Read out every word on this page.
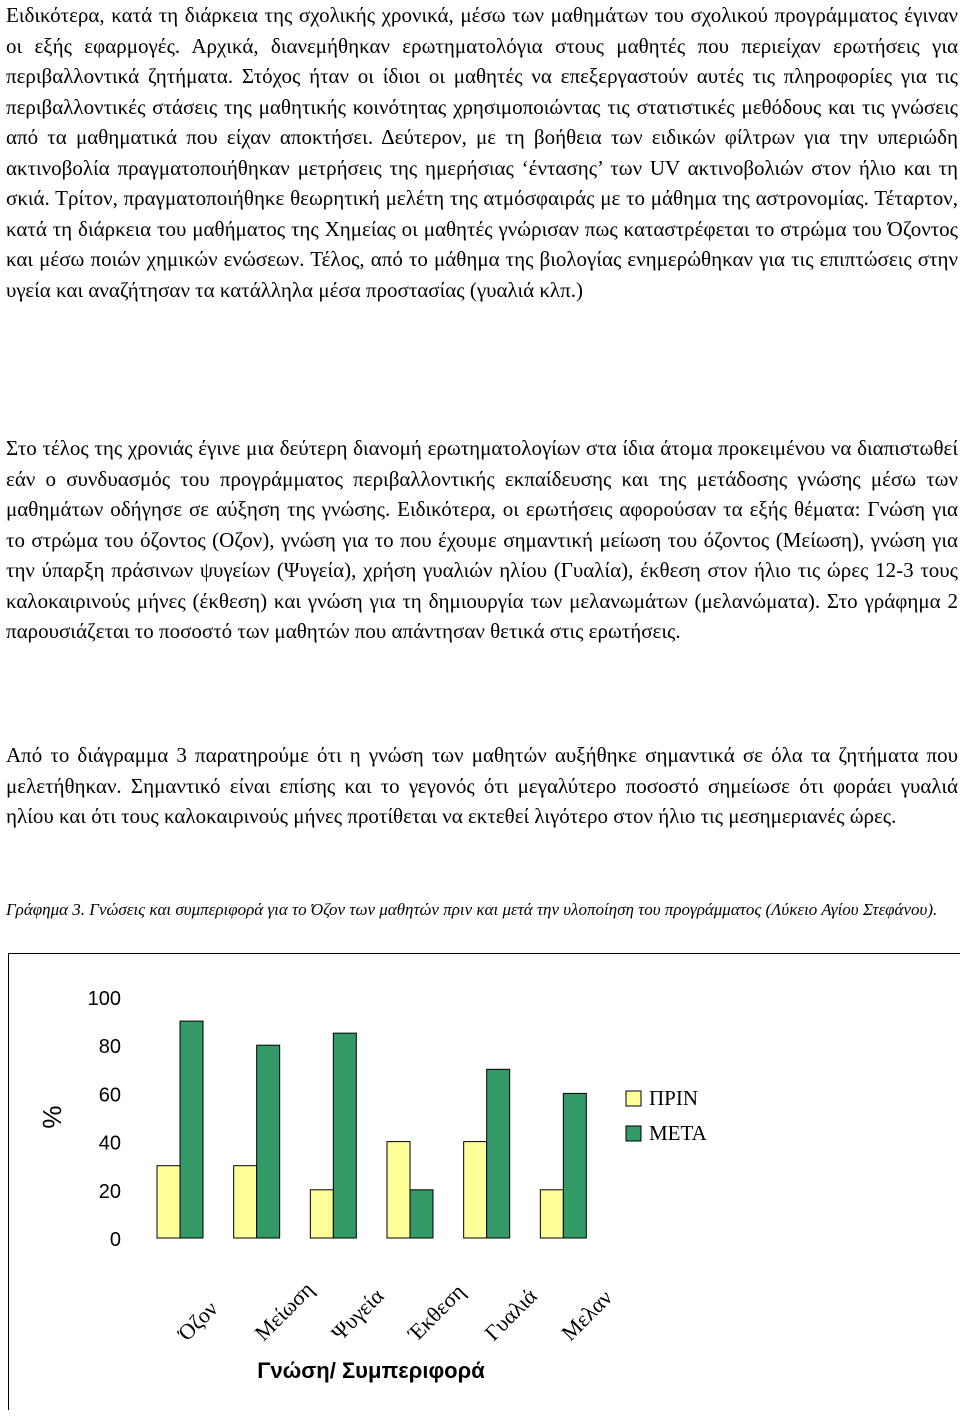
Ειδικότερα, κατά τη διάρκεια της σχολικής χρονικά, μέσω των μαθημάτων του σχολικού προγράμματος έγιναν οι εξής εφαρμογές. Αρχικά, διανεμήθηκαν ερωτηματολόγια στους μαθητές που περιείχαν ερωτήσεις για περιβαλλοντικά ζητήματα. Στόχος ήταν οι ίδιοι οι μαθητές να επεξεργαστούν αυτές τις πληροφορίες για τις περιβαλλοντικές στάσεις της μαθητικής κοινότητας χρησιμοποιώντας τις στατιστικές μεθόδους και τις γνώσεις από τα μαθηματικά που είχαν αποκτήσει. Δεύτερον, με τη βοήθεια των ειδικών φίλτρων για την υπεριώδη ακτινοβολία πραγματοποιήθηκαν μετρήσεις της ημερήσιας ‘έντασης’ των UV ακτινοβολιών στον ήλιο και τη σκιά. Τρίτον, πραγματοποιήθηκε θεωρητική μελέτη της ατμόσφαιράς με το μάθημα της αστρονομίας. Τέταρτον, κατά τη διάρκεια του μαθήματος της Χημείας οι μαθητές γνώρισαν πως καταστρέφεται το στρώμα του Όζοντος και μέσω ποιών χημικών ενώσεων. Τέλος, από το μάθημα της βιολογίας ενημερώθηκαν για τις επιπτώσεις στην υγεία και αναζήτησαν τα κατάλληλα μέσα προστασίας (γυαλιά κλπ.)

Στο τέλος της χρονιάς έγινε μια δεύτερη διανομή ερωτηματολογίων στα ίδια άτομα προκειμένου να διαπιστωθεί εάν ο συνδυασμός του προγράμματος περιβαλλοντικής εκπαίδευσης και της μετάδοσης γνώσης μέσω των μαθημάτων οδήγησε σε αύξηση της γνώσης. Ειδικότερα, οι ερωτήσεις αφορούσαν τα εξής θέματα: Γνώση για το στρώμα του όζοντος (Οζον), γνώση για το που έχουμε σημαντική μείωση του όζοντος (Μείωση), γνώση για την ύπαρξη πράσινων ψυγείων (Ψυγεία), χρήση γυαλιών ηλίου (Γυαλία), έκθεση στον ήλιο τις ώρες 12-3 τους καλοκαιρινούς μήνες (έκθεση) και γνώση για τη δημιουργία των μελανωμάτων (μελανώματα). Στο γράφημα 2 παρουσιάζεται το ποσοστό των μαθητών που απάντησαν θετικά στις ερωτήσεις.

Από το διάγραμμα 3 παρατηρούμε ότι η γνώση των μαθητών αυξήθηκε σημαντικά σε όλα τα ζητήματα που μελετήθηκαν. Σημαντικό είναι επίσης και το γεγονός ότι μεγαλύτερο ποσοστό σημείωσε ότι φοράει γυαλιά ηλίου και ότι τους καλοκαιρινούς μήνες προτίθεται να εκτεθεί λιγότερο στον ήλιο τις μεσημεριανές ώρες.

Γράφημα 3. Γνώσεις και συμπεριφορά για το Όζον των μαθητών πριν και μετά την υλοποίηση του προγράμματος (Λύκειο Αγίου Στεφάνου).

0
20
40
60
80
100
%
Όζον Μείωση Ψυγεία Έκθεση Γυαλιά Μελαν
Γνώση/ Συμπεριφορά
ΠΡΙΝ
ΜΕΤΑ
